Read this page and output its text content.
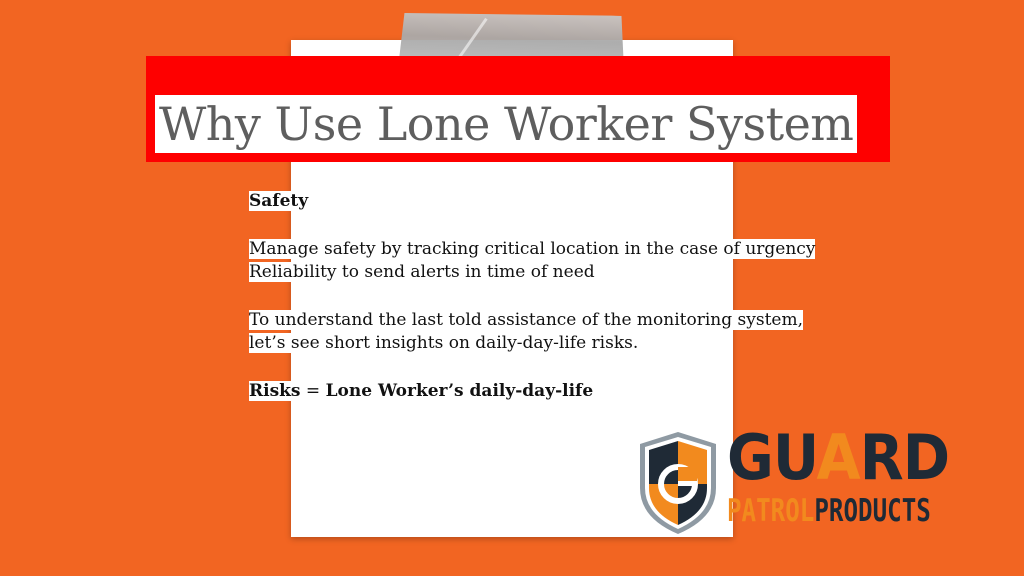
Why Use Lone Worker System

Safety

Manage safety by tracking critical location in the case of urgency

Reliability to send alerts in time of need

To understand the last told assistance of the monitoring system,

let’s see short insights on daily-day-life risks.

Risks = Lone Worker’s daily-day-life

GUARD
PATROLPRODUCTS
